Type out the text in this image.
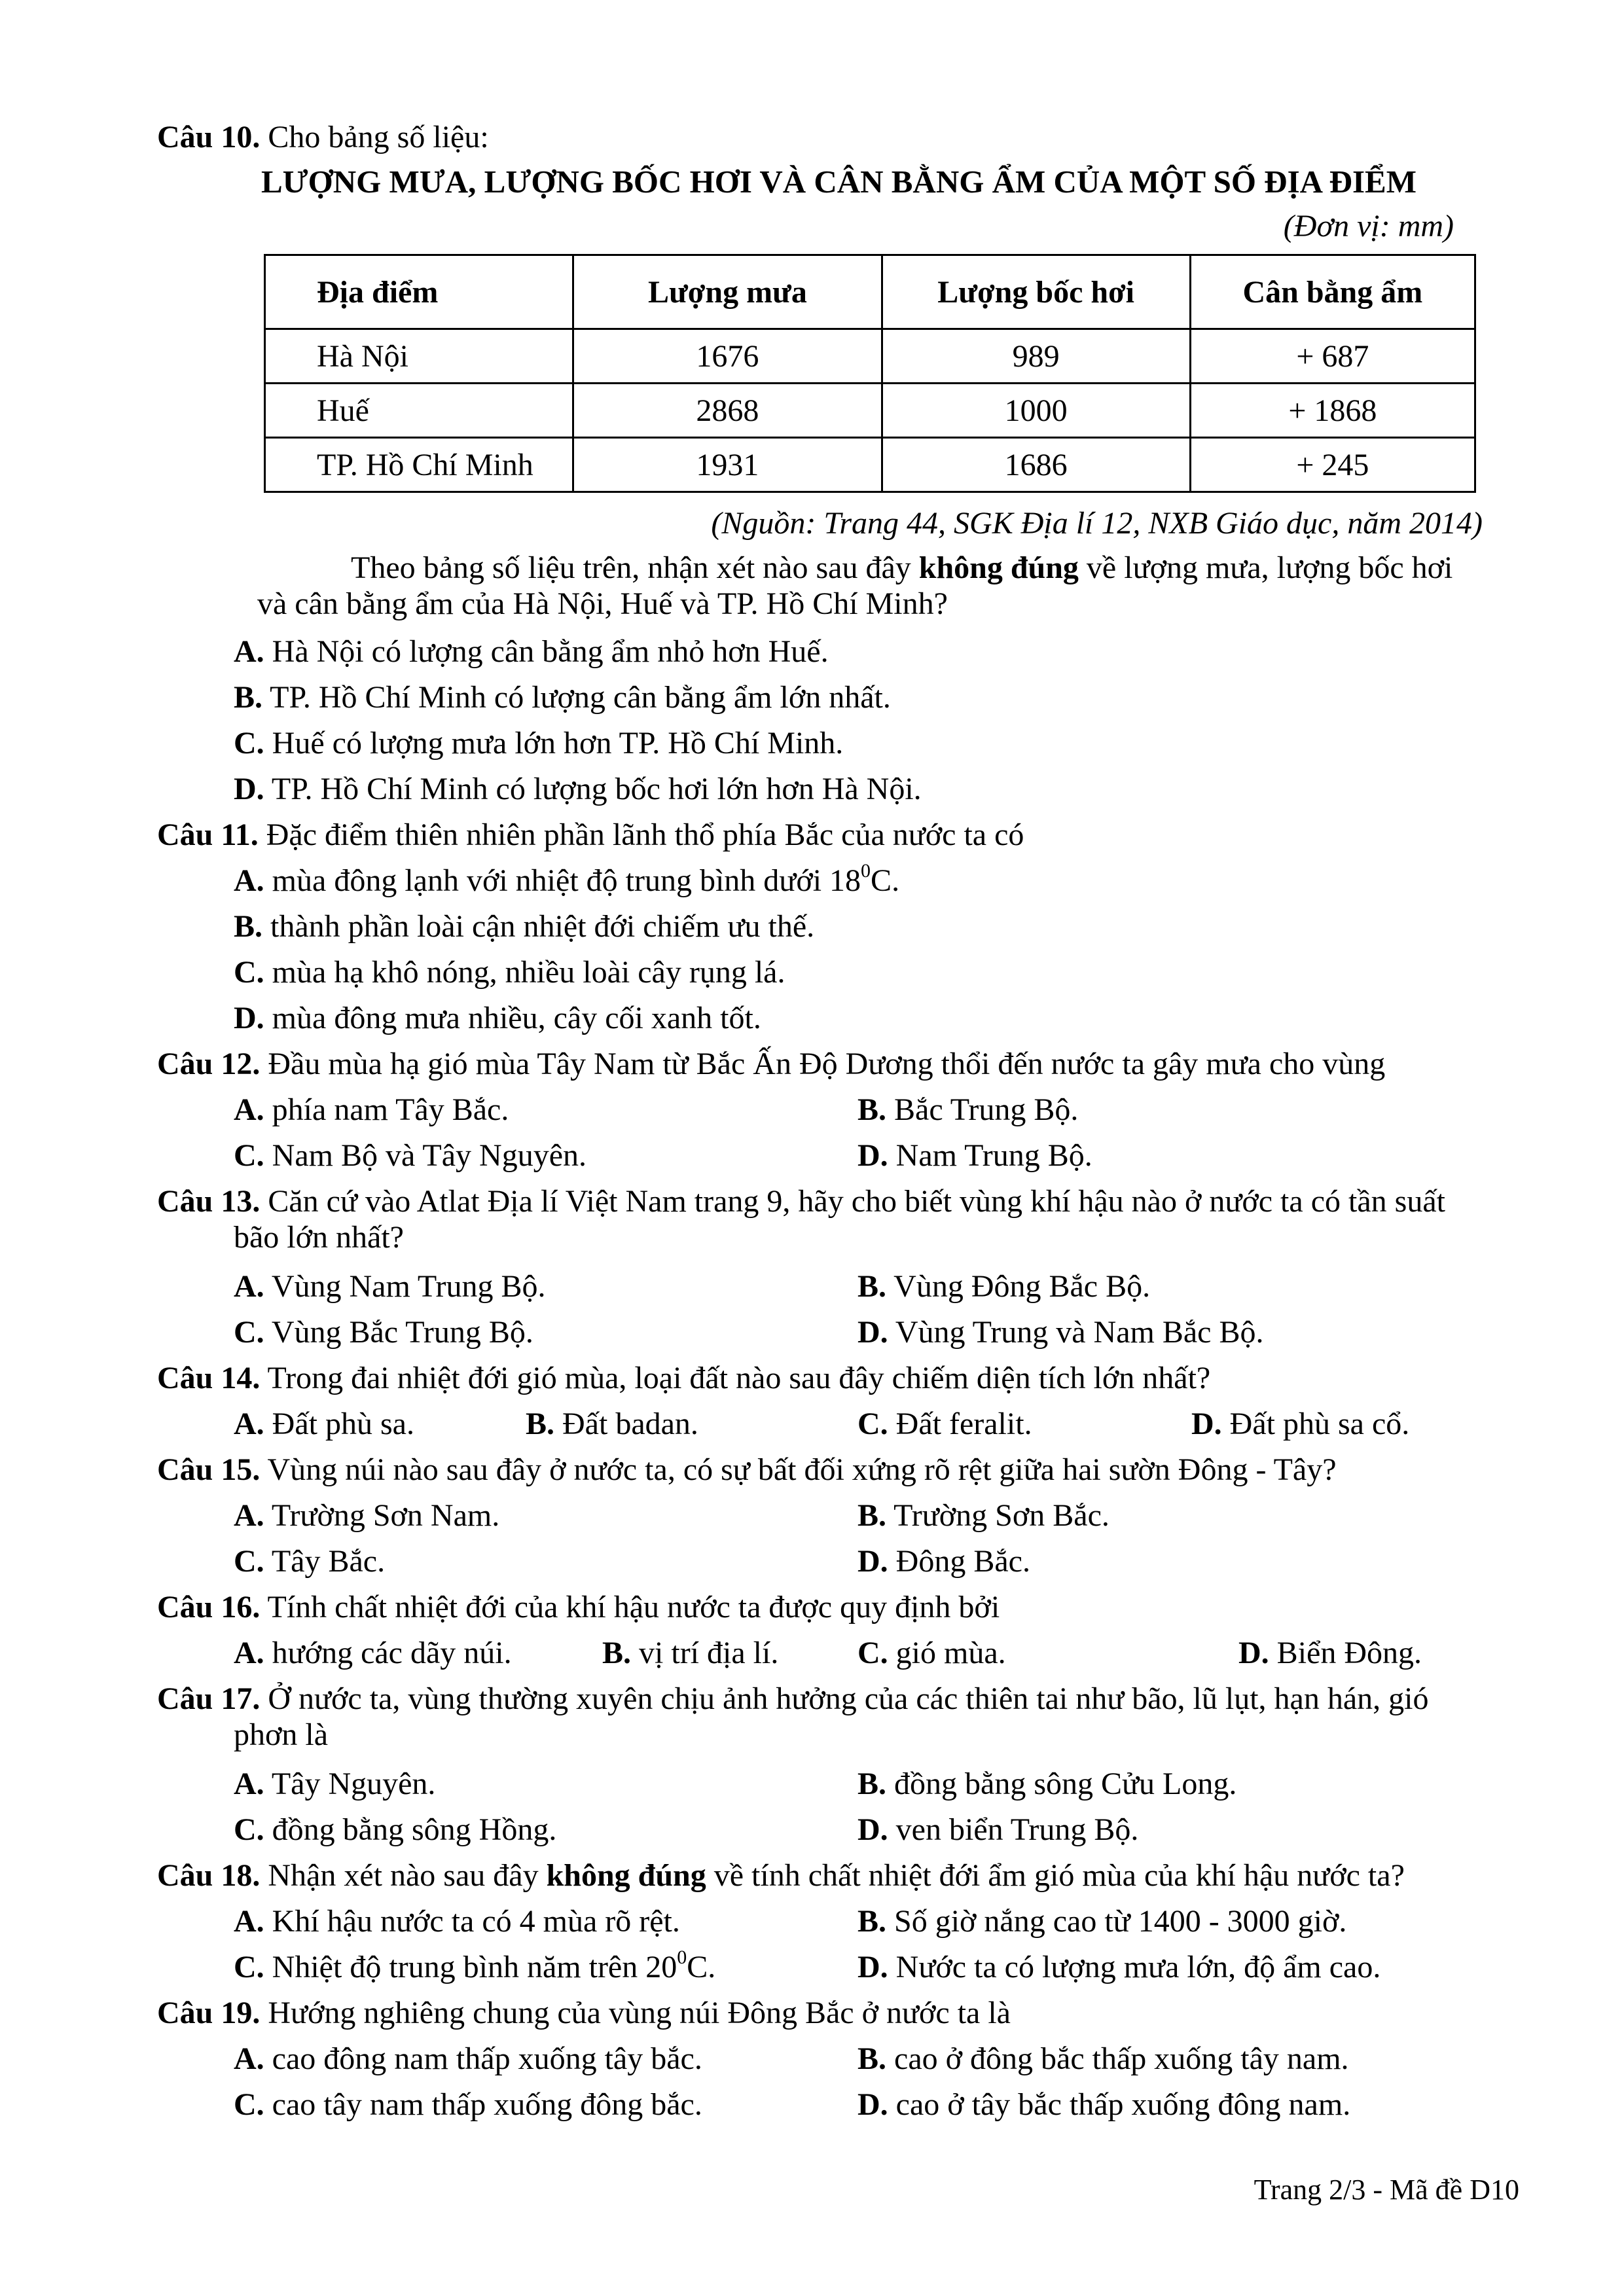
Câu 10. Cho bảng số liệu:
LƯỢNG MƯA, LƯỢNG BỐC HƠI VÀ CÂN BẰNG ẨM CỦA MỘT SỐ ĐỊA ĐIỂM
(Đơn vị: mm)
Địa điểm	Lượng mưa	Lượng bốc hơi	Cân bằng ẩm
Hà Nội	1676	989	+ 687
Huế	2868	1000	+ 1868
TP. Hồ Chí Minh	1931	1686	+ 245
(Nguồn: Trang 44, SGK Địa lí 12, NXB Giáo dục, năm 2014)
Theo bảng số liệu trên, nhận xét nào sau đây không đúng về lượng mưa, lượng bốc hơi
và cân bằng ẩm của Hà Nội, Huế và TP. Hồ Chí Minh?
A. Hà Nội có lượng cân bằng ẩm nhỏ hơn Huế.
B. TP. Hồ Chí Minh có lượng cân bằng ẩm lớn nhất.
C. Huế có lượng mưa lớn hơn TP. Hồ Chí Minh.
D. TP. Hồ Chí Minh có lượng bốc hơi lớn hơn Hà Nội.
Câu 11. Đặc điểm thiên nhiên phần lãnh thổ phía Bắc của nước ta có
A. mùa đông lạnh với nhiệt độ trung bình dưới $18^0C$.
B. thành phần loài cận nhiệt đới chiếm ưu thế.
C. mùa hạ khô nóng, nhiều loài cây rụng lá.
D. mùa đông mưa nhiều, cây cối xanh tốt.
Câu 12. Đầu mùa hạ gió mùa Tây Nam từ Bắc Ấn Độ Dương thổi đến nước ta gây mưa cho vùng
A. phía nam Tây Bắc.	B. Bắc Trung Bộ.
C. Nam Bộ và Tây Nguyên.	D. Nam Trung Bộ.
Câu 13. Căn cứ vào Atlat Địa lí Việt Nam trang 9, hãy cho biết vùng khí hậu nào ở nước ta có tần suất
bão lớn nhất?
A. Vùng Nam Trung Bộ.	B. Vùng Đông Bắc Bộ.
C. Vùng Bắc Trung Bộ.	D. Vùng Trung và Nam Bắc Bộ.
Câu 14. Trong đai nhiệt đới gió mùa, loại đất nào sau đây chiếm diện tích lớn nhất?
A. Đất phù sa.	B. Đất badan.	C. Đất feralit.	D. Đất phù sa cổ.
Câu 15. Vùng núi nào sau đây ở nước ta, có sự bất đối xứng rõ rệt giữa hai sườn Đông - Tây?
A. Trường Sơn Nam.	B. Trường Sơn Bắc.
C. Tây Bắc.	D. Đông Bắc.
Câu 16. Tính chất nhiệt đới của khí hậu nước ta được quy định bởi
A. hướng các dãy núi.	B. vị trí địa lí.	C. gió mùa.	D. Biển Đông.
Câu 17. Ở nước ta, vùng thường xuyên chịu ảnh hưởng của các thiên tai như bão, lũ lụt, hạn hán, gió
phơn là
A. Tây Nguyên.	B. đồng bằng sông Cửu Long.
C. đồng bằng sông Hồng.	D. ven biển Trung Bộ.
Câu 18. Nhận xét nào sau đây không đúng về tính chất nhiệt đới ẩm gió mùa của khí hậu nước ta?
A. Khí hậu nước ta có 4 mùa rõ rệt.	B. Số giờ nắng cao từ 1400 - 3000 giờ.
C. Nhiệt độ trung bình năm trên $20^0C$.	D. Nước ta có lượng mưa lớn, độ ẩm cao.
Câu 19. Hướng nghiêng chung của vùng núi Đông Bắc ở nước ta là
A. cao đông nam thấp xuống tây bắc.	B. cao ở đông bắc thấp xuống tây nam.
C. cao tây nam thấp xuống đông bắc.	D. cao ở tây bắc thấp xuống đông nam.
Trang 2/3 - Mã đề D10
